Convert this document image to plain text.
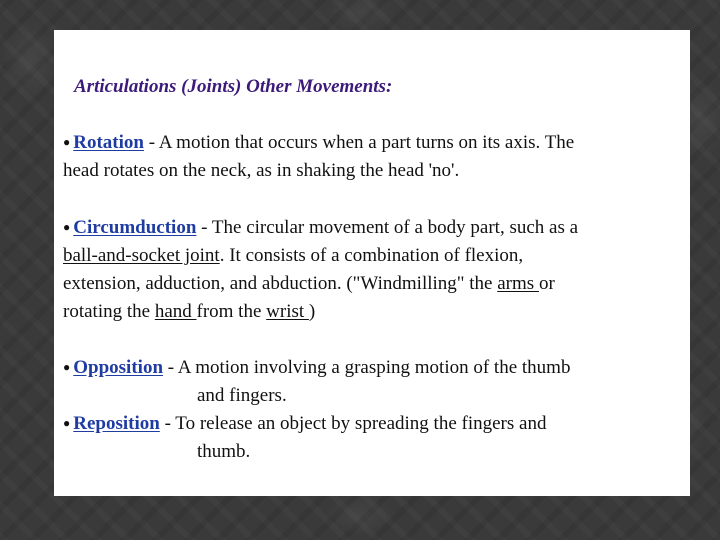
Articulations (Joints) Other Movements:
● Rotation - A motion that occurs when a part turns on its axis. The
head rotates on the neck, as in shaking the head 'no'.
● Circumduction - The circular movement of a body part, such as a
ball-and-socket joint. It consists of a combination of flexion,
extension, adduction, and abduction. ("Windmilling" the arms or
rotating the hand from the wrist )
● Opposition - A motion involving a grasping motion of the thumb
and fingers.
● Reposition - To release an object by spreading the fingers and
thumb.
